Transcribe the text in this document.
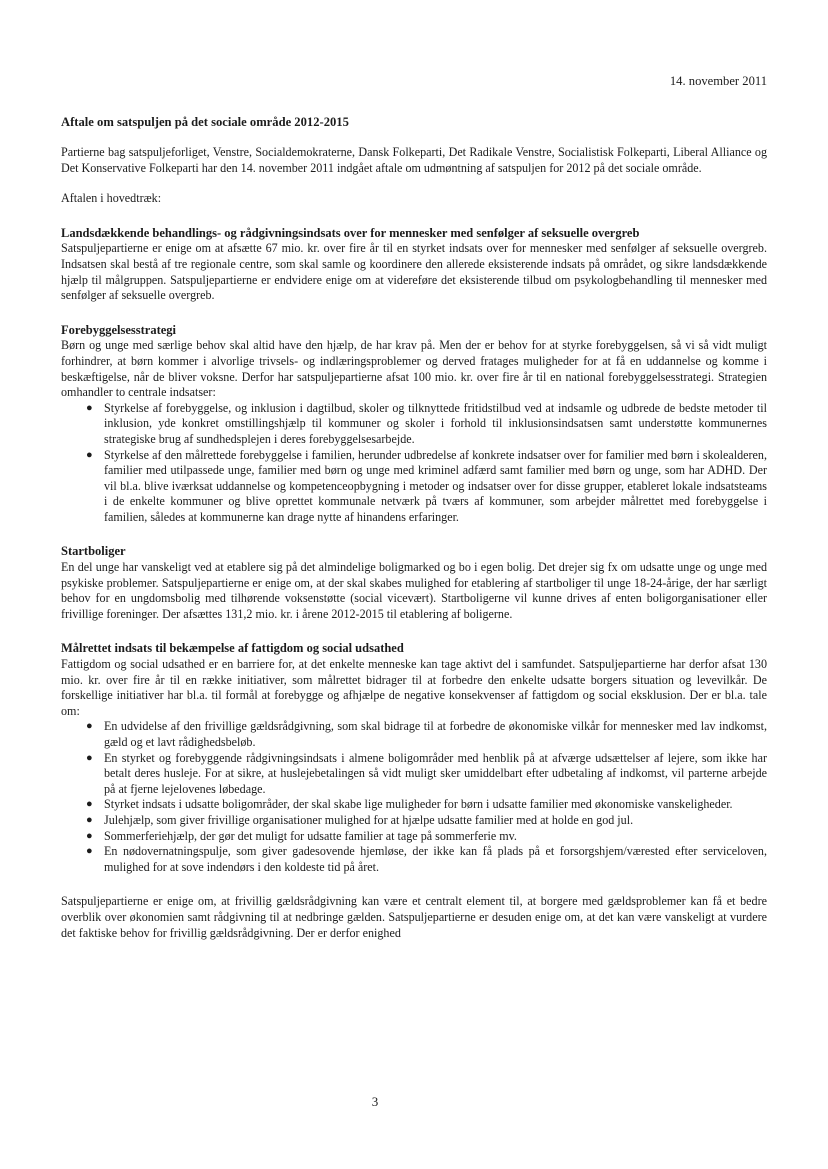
14. november 2011
Aftale om satspuljen på det sociale område 2012-2015

Partierne bag satspuljeforliget, Venstre, Socialdemokraterne, Dansk Folkeparti, Det Radikale Venstre, Socialistisk Folkeparti, Liberal Alliance og Det Konservative Folkeparti har den 14. november 2011 indgået aftale om udmøntning af satspuljen for 2012 på det sociale område.

Aftalen i hovedtræk:

Landsdækkende behandlings- og rådgivningsindsats over for mennesker med senfølger af seksuelle overgreb

Satspuljepartierne er enige om at afsætte 67 mio. kr. over fire år til en styrket indsats over for mennesker med senfølger af seksuelle overgreb. Indsatsen skal bestå af tre regionale centre, som skal samle og koordinere den allerede eksisterende indsats på området, og sikre landsdækkende hjælp til målgruppen. Satspuljepartierne er endvidere enige om at videreføre det eksisterende tilbud om psykologbehandling til mennesker med senfølger af seksuelle overgreb.

Forebyggelsesstrategi

Børn og unge med særlige behov skal altid have den hjælp, de har krav på. Men der er behov for at styrke forebyggelsen, så vi så vidt muligt forhindrer, at børn kommer i alvorlige trivsels- og indlæringsproblemer og derved fratages muligheder for at få en uddannelse og komme i beskæftigelse, når de bliver voksne. Derfor har satspuljepartierne afsat 100 mio. kr. over fire år til en national forebyggelsesstrategi. Strategien omhandler to centrale indsatser:

● Styrkelse af forebyggelse, og inklusion i dagtilbud, skoler og tilknyttede fritidstilbud ved at indsamle og udbrede de bedste metoder til inklusion, yde konkret omstillingshjælp til kommuner og skoler i forhold til inklusionsindsatsen samt understøtte kommunernes strategiske brug af sundhedsplejen i deres forebyggelsesarbejde.
● Styrkelse af den målrettede forebyggelse i familien, herunder udbredelse af konkrete indsatser over for familier med børn i skolealderen, familier med utilpassede unge, familier med børn og unge med kriminel adfærd samt familier med børn og unge, som har ADHD. Der vil bl.a. blive iværksat uddannelse og kompetenceopbygning i metoder og indsatser over for disse grupper, etableret lokale indsatsteams i de enkelte kommuner og blive oprettet kommunale netværk på tværs af kommuner, som arbejder målrettet med forebyggelse i familien, således at kommunerne kan drage nytte af hinandens erfaringer.

Startboliger

En del unge har vanskeligt ved at etablere sig på det almindelige boligmarked og bo i egen bolig. Det drejer sig fx om udsatte unge og unge med psykiske problemer. Satspuljepartierne er enige om, at der skal skabes mulighed for etablering af startboliger til unge 18-24-årige, der har særligt behov for en ungdomsbolig med tilhørende voksenstøtte (social vicevært). Startboligerne vil kunne drives af enten boligorganisationer eller frivillige foreninger. Der afsættes 131,2 mio. kr. i årene 2012-2015 til etablering af boligerne.

Målrettet indsats til bekæmpelse af fattigdom og social udsathed

Fattigdom og social udsathed er en barriere for, at det enkelte menneske kan tage aktivt del i samfundet. Satspuljepartierne har derfor afsat 130 mio. kr. over fire år til en række initiativer, som målrettet bidrager til at forbedre den enkelte udsatte borgers situation og levevilkår. De forskellige initiativer har bl.a. til formål at forebygge og afhjælpe de negative konsekvenser af fattigdom og social eksklusion. Der er bl.a. tale om:

● En udvidelse af den frivillige gældsrådgivning, som skal bidrage til at forbedre de økonomiske vilkår for mennesker med lav indkomst, gæld og et lavt rådighedsbeløb.
● En styrket og forebyggende rådgivningsindsats i almene boligområder med henblik på at afværge udsættelser af lejere, som ikke har betalt deres husleje. For at sikre, at huslejebetalingen så vidt muligt sker umiddelbart efter udbetaling af indkomst, vil parterne arbejde på at fjerne lejelovenes løbedage.
● Styrket indsats i udsatte boligområder, der skal skabe lige muligheder for børn i udsatte familier med økonomiske vanskeligheder.
● Julehjælp, som giver frivillige organisationer mulighed for at hjælpe udsatte familier med at holde en god jul.
● Sommerferiehjælp, der gør det muligt for udsatte familier at tage på sommerferie mv.
● En nødovernatningspulje, som giver gadesovende hjemløse, der ikke kan få plads på et forsorgshjem/værested efter serviceloven, mulighed for at sove indendørs i den koldeste tid på året.

Satspuljepartierne er enige om, at frivillig gældsrådgivning kan være et centralt element til, at borgere med gældsproblemer kan få et bedre overblik over økonomien samt rådgivning til at nedbringe gælden. Satspuljepartierne er desuden enige om, at det kan være vanskeligt at vurdere det faktiske behov for frivillig gældsrådgivning. Der er derfor enighed

3
